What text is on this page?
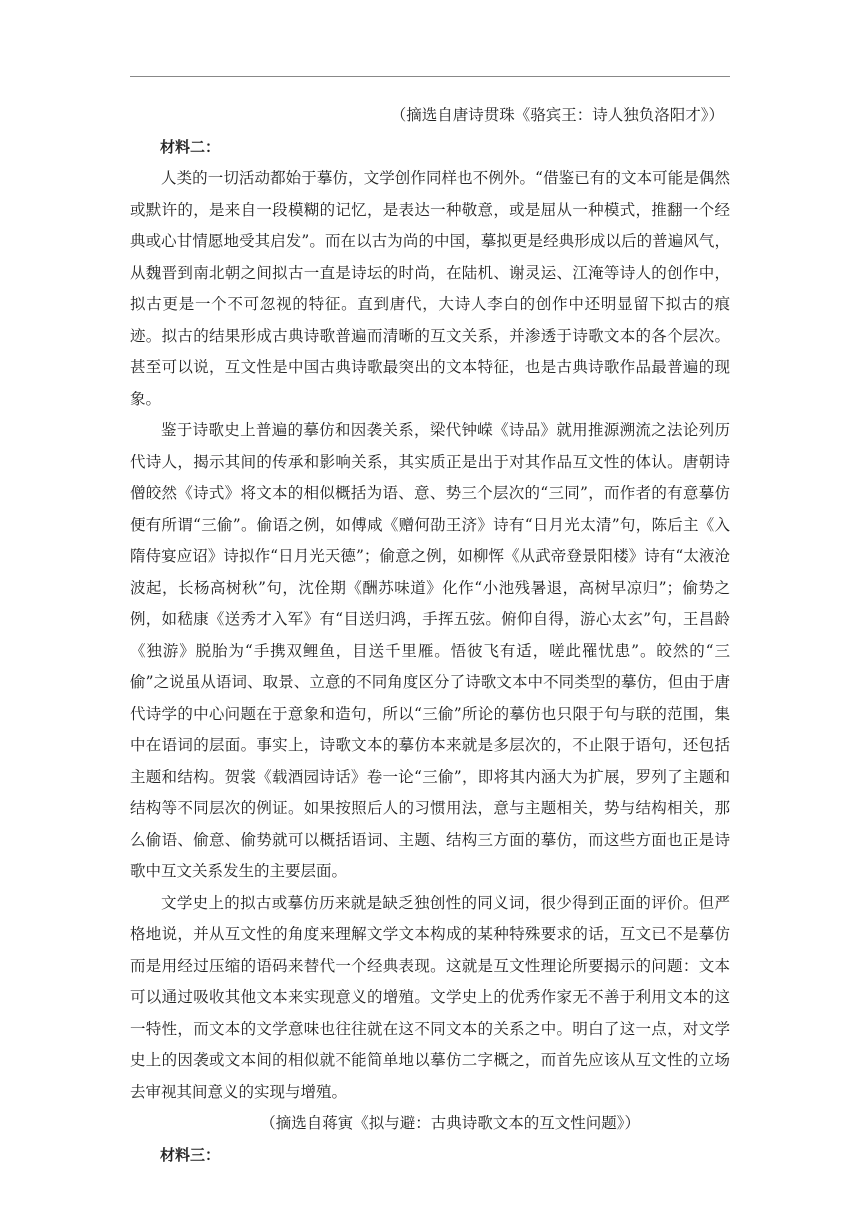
（摘选自唐诗贯珠《骆宾王：诗人独负洛阳才》）

材料二：

人类的一切活动都始于摹仿，文学创作同样也不例外。“借鉴已有的文本可能是偶然或默许的，是来自一段模糊的记忆，是表达一种敬意，或是屈从一种模式，推翻一个经典或心甘情愿地受其启发”。而在以古为尚的中国，摹拟更是经典形成以后的普遍风气，从魏晋到南北朝之间拟古一直是诗坛的时尚，在陆机、谢灵运、江淹等诗人的创作中，拟古更是一个不可忽视的特征。直到唐代，大诗人李白的创作中还明显留下拟古的痕迹。拟古的结果形成古典诗歌普遍而清晰的互文关系，并渗透于诗歌文本的各个层次。甚至可以说，互文性是中国古典诗歌最突出的文本特征，也是古典诗歌作品最普遍的现象。

鉴于诗歌史上普遍的摹仿和因袭关系，梁代钟嵘《诗品》就用推源溯流之法论列历代诗人，揭示其间的传承和影响关系，其实质正是出于对其作品互文性的体认。唐朝诗僧皎然《诗式》将文本的相似概括为语、意、势三个层次的“三同”，而作者的有意摹仿便有所谓“三偷”。偷语之例，如傅咸《赠何劭王济》诗有“日月光太清”句，陈后主《入隋侍宴应诏》诗拟作“日月光天德”；偷意之例，如柳恽《从武帝登景阳楼》诗有“太液沧波起，长杨高树秋”句，沈佺期《酬苏味道》化作“小池残暑退，高树早凉归”；偷势之例，如嵇康《送秀才入军》有“目送归鸿，手挥五弦。俯仰自得，游心太玄”句，王昌龄《独游》脱胎为“手携双鲤鱼，目送千里雁。悟彼飞有适，嗟此罹忧患”。皎然的“三偷”之说虽从语词、取景、立意的不同角度区分了诗歌文本中不同类型的摹仿，但由于唐代诗学的中心问题在于意象和造句，所以“三偷”所论的摹仿也只限于句与联的范围，集中在语词的层面。事实上，诗歌文本的摹仿本来就是多层次的，不止限于语句，还包括主题和结构。贺裳《载酒园诗话》卷一论“三偷”，即将其内涵大为扩展，罗列了主题和结构等不同层次的例证。如果按照后人的习惯用法，意与主题相关，势与结构相关，那么偷语、偷意、偷势就可以概括语词、主题、结构三方面的摹仿，而这些方面也正是诗歌中互文关系发生的主要层面。

文学史上的拟古或摹仿历来就是缺乏独创性的同义词，很少得到正面的评价。但严格地说，并从互文性的角度来理解文学文本构成的某种特殊要求的话，互文已不是摹仿而是用经过压缩的语码来替代一个经典表现。这就是互文性理论所要揭示的问题：文本可以通过吸收其他文本来实现意义的增殖。文学史上的优秀作家无不善于利用文本的这一特性，而文本的文学意味也往往就在这不同文本的关系之中。明白了这一点，对文学史上的因袭或文本间的相似就不能简单地以摹仿二字概之，而首先应该从互文性的立场去审视其间意义的实现与增殖。

（摘选自蒋寅《拟与避：古典诗歌文本的互文性问题》）

材料三：
